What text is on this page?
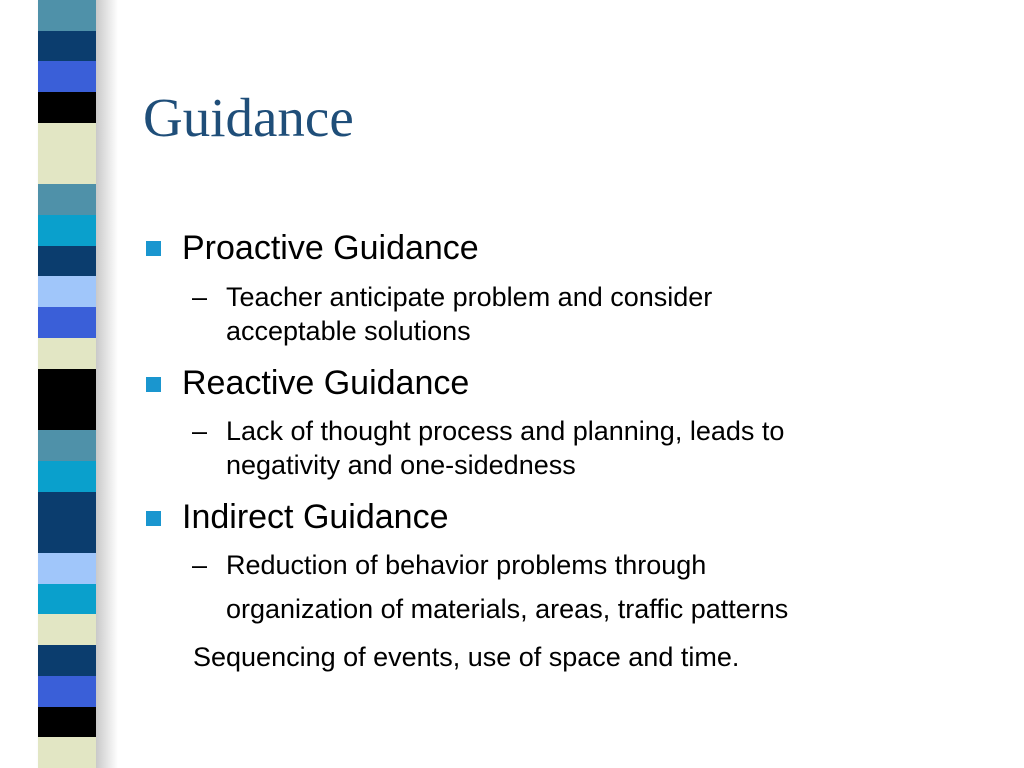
Guidance

Proactive Guidance

– Teacher anticipate problem and consider

acceptable solutions

Reactive Guidance

– Lack of thought process and planning, leads to

negativity and one-sidedness

Indirect Guidance

– Reduction of behavior problems through

organization of materials, areas, traffic patterns

Sequencing of events, use of space and time.
